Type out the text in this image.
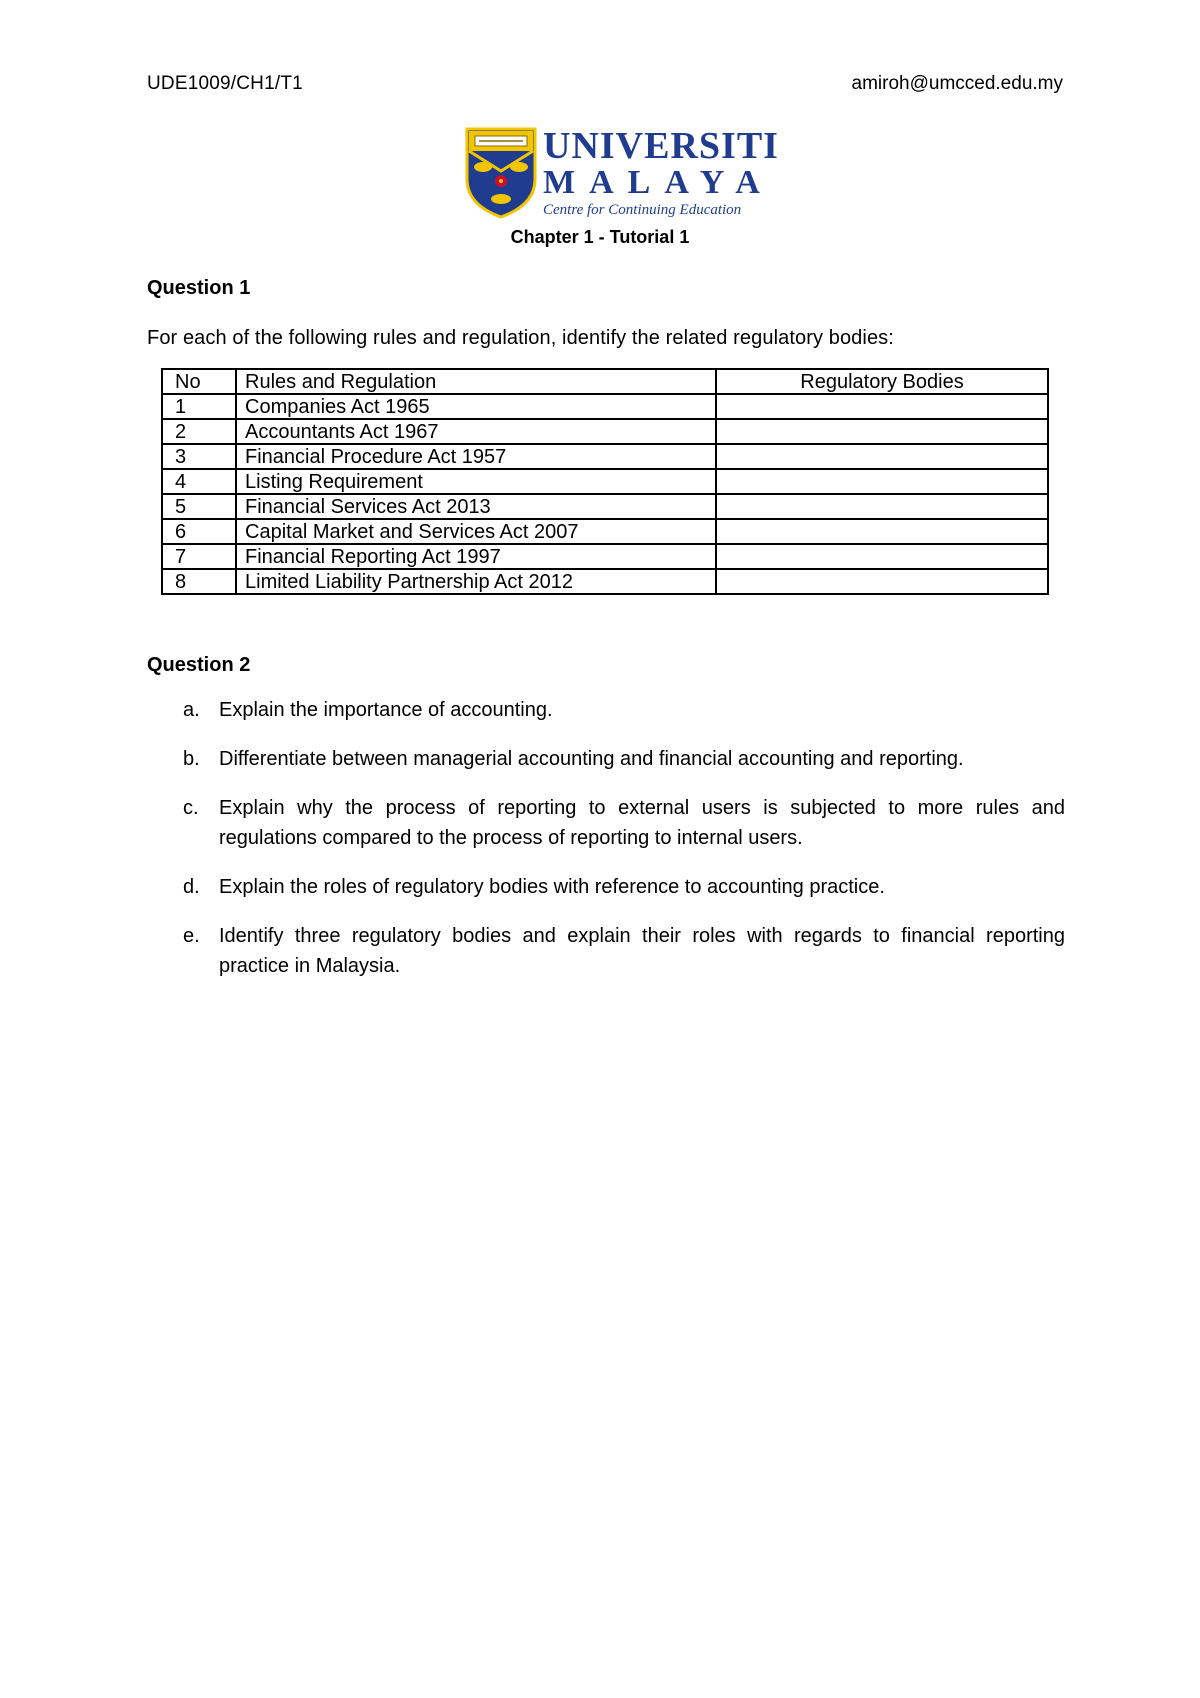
UDE1009/CH1/T1	amiroh@umcced.edu.my
UNIVERSITI
MALAYA
Centre for Continuing Education
Chapter 1 - Tutorial 1
Question 1
For each of the following rules and regulation, identify the related regulatory bodies:
No	Rules and Regulation	Regulatory Bodies
1	Companies Act 1965	
2	Accountants Act 1967	
3	Financial Procedure Act 1957	
4	Listing Requirement	
5	Financial Services Act 2013	
6	Capital Market and Services Act 2007	
7	Financial Reporting Act 1997	
8	Limited Liability Partnership Act 2012	
Question 2
a. Explain the importance of accounting.
b. Differentiate between managerial accounting and financial accounting and reporting.
c. Explain why the process of reporting to external users is subjected to more rules and regulations compared to the process of reporting to internal users.
d. Explain the roles of regulatory bodies with reference to accounting practice.
e. Identify three regulatory bodies and explain their roles with regards to financial reporting practice in Malaysia.
